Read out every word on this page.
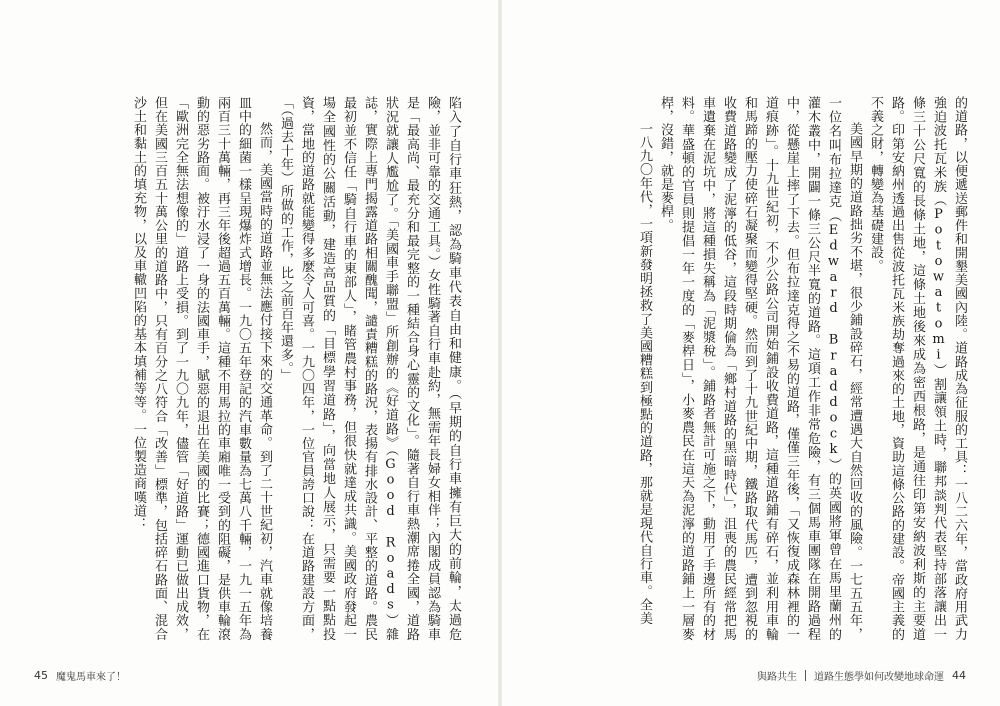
陷入了自行車狂熱，認為騎車代表自由和健康。（早期的自行車擁有巨大的前輪，太過危險，並非可靠的交通工具。）女性騎著自行車赴約，無需年長婦女相伴；內閣成員認為騎車是「最高尚、最充分和最完整的一種結合身心靈的文化」。隨著自行車熱潮席捲全國，道路狀況就讓人尷尬了。「美國車手聯盟」所創辦的《好道路》（Good Roads）雜誌，實際上專門揭露道路相關醜聞，譴責糟糕的路況，表揚有排水設計、平整的道路。農民最初並不信任「騎自行車的東部人」，睹管農村事務，但很快就達成共識。美國政府發起一場全國性的公關活動，建造高品質的「目標學習道路」，向當地人展示，只需要一點點投資，當地的道路就能變得多麼令人可喜。一九〇四年，一位官員誇口說：在道路建設方面，「（過去十年）所做的工作，比之前百年還多。」

然而，美國當時的道路並無法應付接下來的交通革命。到了二十世紀初，汽車就像培養皿中的細菌一樣呈現爆炸式增長。一九〇五年登記的汽車數量為七萬八千輛，一九一五年為兩百三十萬輛，再三年後超過五百萬輛。這種不用馬拉的車廂唯一受到的阻礙，是供車輪滾動的惡劣路面。被汙水浸了一身的法國車手，賦惡的退出在美國的比賽；德國進口貨物，在「歐洲完全無法想像的」道路上受損。到了一九〇九年，儘管「好道路」運動已做出成效，但在美國三百五十萬公里的道路中，只有百分之八符合「改善」標準，包括碎石路面、混合沙土和黏土的填充物，以及車轍凹陷的基本填補等等。一位製造商嘆道：

45 魔鬼馬車來了！

的道路，以便遞送郵件和開墾美國內陸。道路成為征服的工具：一八二六年，當政府用武力強迫波托瓦米族（Potowatomi）割讓領土時，聯邦談判代表堅持部落讓出一條三十公尺寬的長條土地，這條土地後來成為密西根路，是通往印第安納波利斯的主要道路。印第安納州透過出售從波托瓦米族劫奪過來的土地，資助這條公路的建設。帝國主義的不義之財，轉變為基礎建設。

美國早期的道路拙劣不堪，很少鋪設碎石，經常遭遇大自然回收的風險。一七五五年，一位名叫布拉達克（Edward Braddock）的英國將軍曾在馬里蘭州的灌木叢中，開闢一條三公尺半寬的道路。這項工作非常危險，有三個馬車團隊在開路過程中，從懸崖上摔了下去。但布拉達克得之不易的道路，僅僅三年後，「又恢復成森林裡的一道痕跡」。十九世紀初，不少公路公司開始鋪設收費道路，這種道路鋪有碎石，並利用車輪和馬蹄的壓力使碎石凝聚而變得堅硬。然而到了十九世紀中期，鐵路取代馬匹，遭到忽視的收費道路變成了泥濘的低谷，這段時期倫為「鄉村道路的黑暗時代」，沮喪的農民經常把馬車遺棄在泥坑中，將這種損失稱為「泥漿稅」。鋪路者無計可施之下，動用了手邊所有的材料。華盛頓的官員則提倡一年一度的「麥桿日」，小麥農民在這天為泥濘的道路鋪上一層麥桿，沒錯，就是麥桿。

一八九〇年代，一項新發明拯救了美國糟糕到極點的道路，那就是現代自行車。全美

與路共生 道路生態學如何改變地球命運 44
